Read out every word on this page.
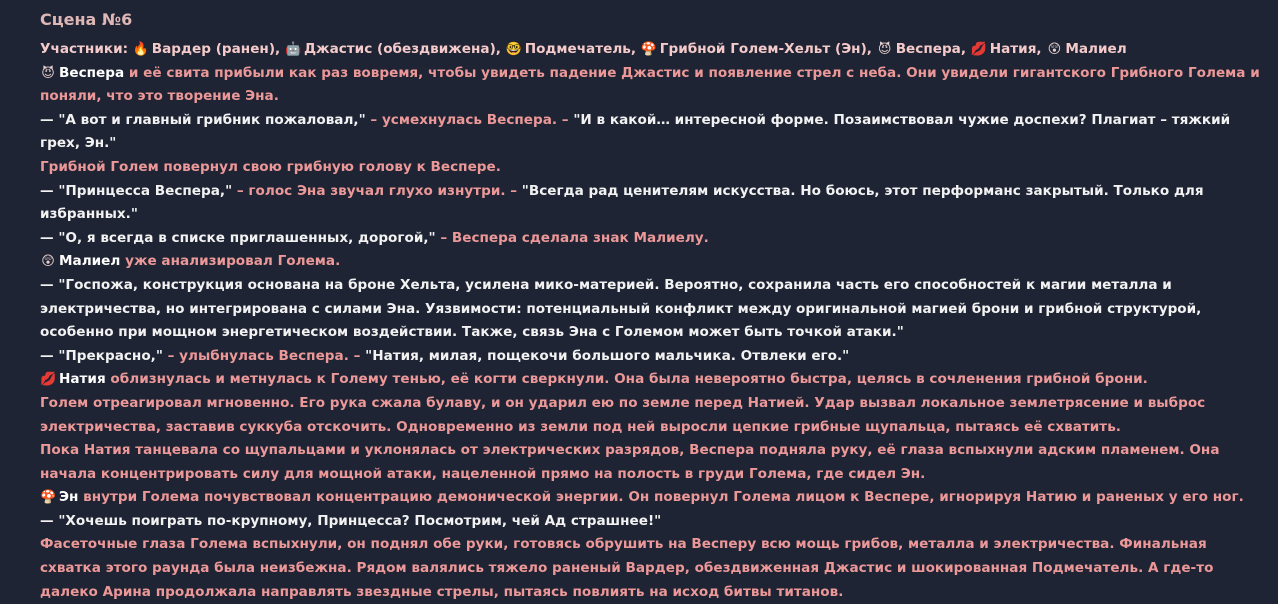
Сцена №6

Участники: 🔥 Вардер (ранен), 🤖 Джастис (обездвижена), 🤓 Подмечатель, 🍄 Грибной Голем-Хельт (Эн), 😈 Веспера, 💋 Натия, 😲 Малиел

😈 Веспера и её свита прибыли как раз вовремя, чтобы увидеть падение Джастис и появление стрел с неба. Они увидели гигантского Грибного Голема и поняли, что это творение Эна.

— "А вот и главный грибник пожаловал," – усмехнулась Веспера. – "И в какой… интересной форме. Позаимствовал чужие доспехи? Плагиат – тяжкий грех, Эн."

Грибной Голем повернул свою грибную голову к Веспере.

— "Принцесса Веспера," – голос Эна звучал глухо изнутри. – "Всегда рад ценителям искусства. Но боюсь, этот перформанс закрытый. Только для избранных."

— "О, я всегда в списке приглашенных, дорогой," – Веспера сделала знак Малиелу.

😲 Малиел уже анализировал Голема.

— "Госпожа, конструкция основана на броне Хельта, усилена мико-материей. Вероятно, сохранила часть его способностей к магии металла и электричества, но интегрирована с силами Эна. Уязвимости: потенциальный конфликт между оригинальной магией брони и грибной структурой, особенно при мощном энергетическом воздействии. Также, связь Эна с Големом может быть точкой атаки."

— "Прекрасно," – улыбнулась Веспера. – "Натия, милая, пощекочи большого мальчика. Отвлеки его."

💋 Натия облизнулась и метнулась к Голему тенью, её когти сверкнули. Она была невероятно быстра, целясь в сочленения грибной брони.

Голем отреагировал мгновенно. Его рука сжала булаву, и он ударил ею по земле перед Натией. Удар вызвал локальное землетрясение и выброс электричества, заставив суккуба отскочить. Одновременно из земли под ней выросли цепкие грибные щупальца, пытаясь её схватить.

Пока Натия танцевала со щупальцами и уклонялась от электрических разрядов, Веспера подняла руку, её глаза вспыхнули адским пламенем. Она начала концентрировать силу для мощной атаки, нацеленной прямо на полость в груди Голема, где сидел Эн.

🍄 Эн внутри Голема почувствовал концентрацию демонической энергии. Он повернул Голема лицом к Веспере, игнорируя Натию и раненых у его ног.

— "Хочешь поиграть по-крупному, Принцесса? Посмотрим, чей Ад страшнее!"

Фасеточные глаза Голема вспыхнули, он поднял обе руки, готовясь обрушить на Весперу всю мощь грибов, металла и электричества. Финальная схватка этого раунда была неизбежна. Рядом валялись тяжело раненый Вардер, обездвиженная Джастис и шокированная Подмечатель. А где-то далеко Арина продолжала направлять звездные стрелы, пытаясь повлиять на исход битвы титанов.
